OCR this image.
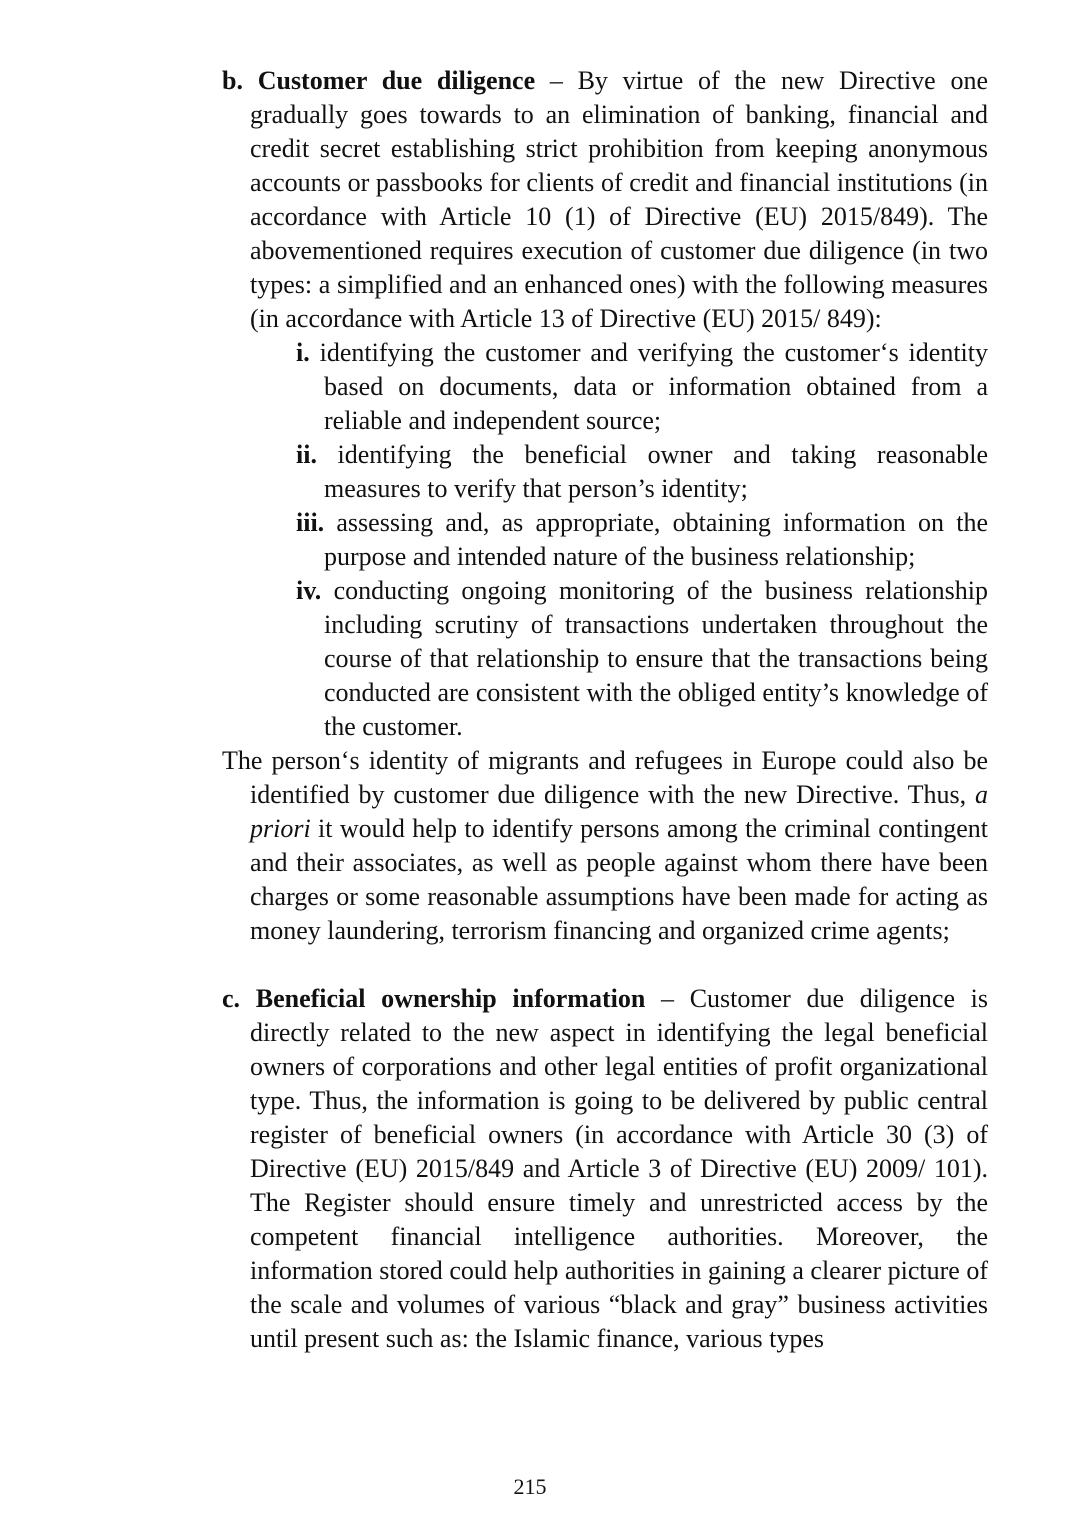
b. Customer due diligence – By virtue of the new Directive one gradually goes towards to an elimination of banking, financial and credit secret establishing strict prohibition from keeping anonymous accounts or passbooks for clients of credit and financial institutions (in accordance with Article 10 (1) of Directive (EU) 2015/849). The abovementioned requires execution of customer due diligence (in two types: a simplified and an enhanced ones) with the following measures (in accordance with Article 13 of Directive (EU) 2015/ 849):

i. identifying the customer and verifying the customer‘s identity based on documents, data or information obtained from a reliable and independent source;
ii. identifying the beneficial owner and taking reasonable measures to verify that person’s identity;
iii. assessing and, as appropriate, obtaining information on the purpose and intended nature of the business relationship;
iv. conducting ongoing monitoring of the business relationship including scrutiny of transactions undertaken throughout the course of that relationship to ensure that the transactions being conducted are consistent with the obliged entity’s knowledge of the customer.

The person‘s identity of migrants and refugees in Europe could also be identified by customer due diligence with the new Directive. Thus, a priori it would help to identify persons among the criminal contingent and their associates, as well as people against whom there have been charges or some reasonable assumptions have been made for acting as money laundering, terrorism financing and organized crime agents;

c. Beneficial ownership information – Customer due diligence is directly related to the new aspect in identifying the legal beneficial owners of corporations and other legal entities of profit organizational type. Thus, the information is going to be delivered by public central register of beneficial owners (in accordance with Article 30 (3) of Directive (EU) 2015/849 and Article 3 of Directive (EU) 2009/ 101). The Register should ensure timely and unrestricted access by the competent financial intelligence authorities. Moreover, the information stored could help authorities in gaining a clearer picture of the scale and volumes of various “black and gray” business activities until present such as: the Islamic finance, various types

215
